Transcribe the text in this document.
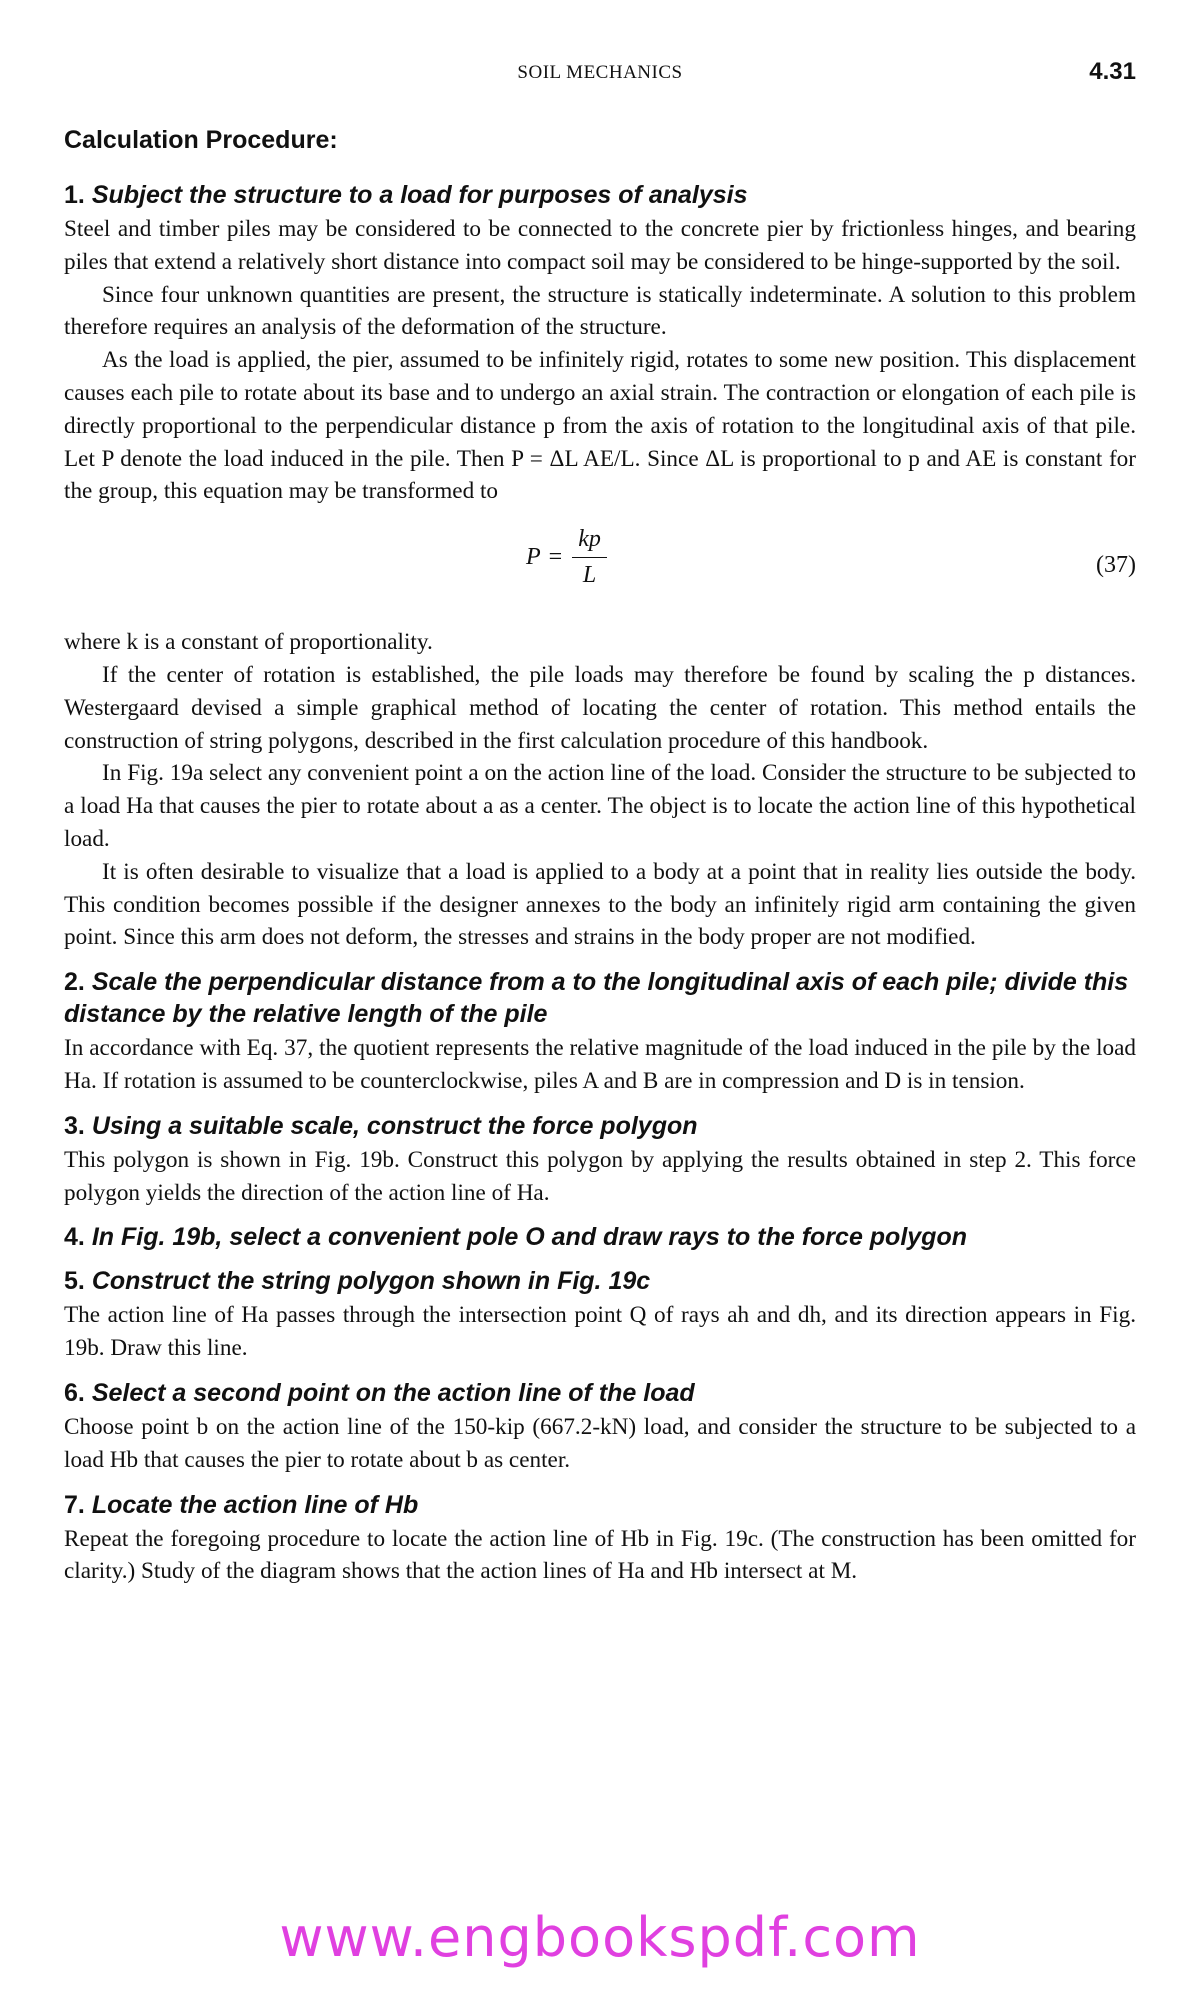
SOIL MECHANICS	4.31
Calculation Procedure:
1. Subject the structure to a load for purposes of analysis

Steel and timber piles may be considered to be connected to the concrete pier by frictionless hinges, and bearing piles that extend a relatively short distance into compact soil may be considered to be hinge-supported by the soil.

Since four unknown quantities are present, the structure is statically indeterminate. A solution to this problem therefore requires an analysis of the deformation of the structure.

As the load is applied, the pier, assumed to be infinitely rigid, rotates to some new position. This displacement causes each pile to rotate about its base and to undergo an axial strain. The contraction or elongation of each pile is directly proportional to the perpendicular distance p from the axis of rotation to the longitudinal axis of that pile. Let P denote the load induced in the pile. Then P = ΔL AE/L. Since ΔL is proportional to p and AE is constant for the group, this equation may be transformed to

$P = \frac{kp}{L}$	(37)

where k is a constant of proportionality.

If the center of rotation is established, the pile loads may therefore be found by scaling the p distances. Westergaard devised a simple graphical method of locating the center of rotation. This method entails the construction of string polygons, described in the first calculation procedure of this handbook.

In Fig. 19a select any convenient point a on the action line of the load. Consider the structure to be subjected to a load Ha that causes the pier to rotate about a as a center. The object is to locate the action line of this hypothetical load.

It is often desirable to visualize that a load is applied to a body at a point that in reality lies outside the body. This condition becomes possible if the designer annexes to the body an infinitely rigid arm containing the given point. Since this arm does not deform, the stresses and strains in the body proper are not modified.

2. Scale the perpendicular distance from a to the longitudinal axis of each pile; divide this distance by the relative length of the pile

In accordance with Eq. 37, the quotient represents the relative magnitude of the load induced in the pile by the load Ha. If rotation is assumed to be counterclockwise, piles A and B are in compression and D is in tension.

3. Using a suitable scale, construct the force polygon

This polygon is shown in Fig. 19b. Construct this polygon by applying the results obtained in step 2. This force polygon yields the direction of the action line of Ha.

4. In Fig. 19b, select a convenient pole O and draw rays to the force polygon
5. Construct the string polygon shown in Fig. 19c

The action line of Ha passes through the intersection point Q of rays ah and dh, and its direction appears in Fig. 19b. Draw this line.

6. Select a second point on the action line of the load

Choose point b on the action line of the 150-kip (667.2-kN) load, and consider the structure to be subjected to a load Hb that causes the pier to rotate about b as center.

7. Locate the action line of Hb

Repeat the foregoing procedure to locate the action line of Hb in Fig. 19c. (The construction has been omitted for clarity.) Study of the diagram shows that the action lines of Ha and Hb intersect at M.

www.engbookspdf.com
